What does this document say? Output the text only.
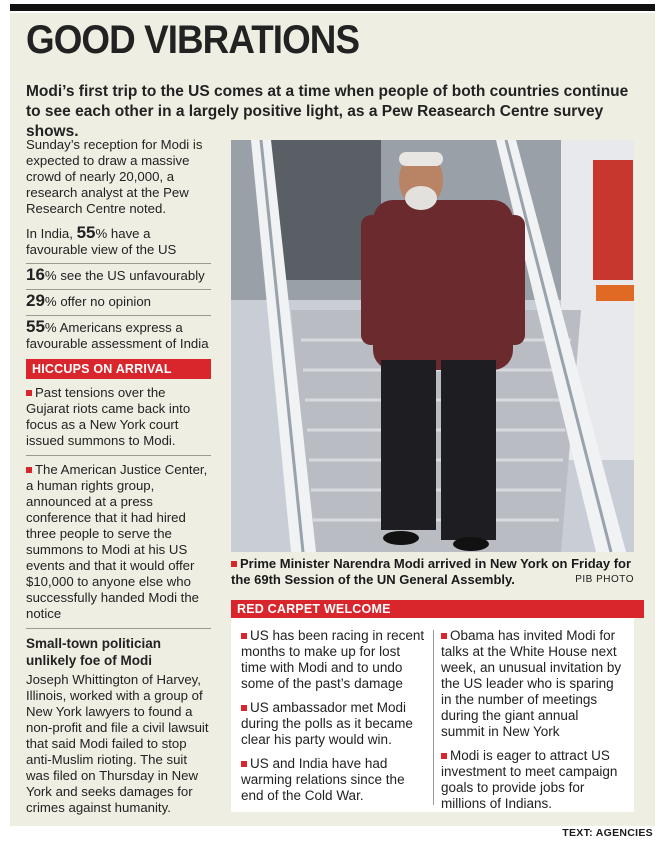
GOOD VIBRATIONS
Modi’s first trip to the US comes at a time when people of both countries continue to see each other in a largely positive light, as a Pew Reasearch Centre survey shows.
Sunday’s reception for Modi is expected to draw a massive crowd of nearly 20,000, a research analyst at the Pew Research Centre noted.
In India, 55% have a favourable view of the US
16% see the US unfavourably
29% offer no opinion
55% Americans express a favourable assessment of India
HICCUPS ON ARRIVAL
Past tensions over the Gujarat riots came back into focus as a New York court issued summons to Modi.
The American Justice Center, a human rights group, announced at a press conference that it had hired three people to serve the summons to Modi at his US events and that it would offer $10,000 to anyone else who successfully handed Modi the notice
Small-town politician unlikely foe of Modi
Joseph Whittington of Harvey, Illinois, worked with a group of New York lawyers to found a non-profit and file a civil lawsuit that said Modi failed to stop anti-Muslim rioting. The suit was filed on Thursday in New York and seeks damages for crimes against humanity.
Prime Minister Narendra Modi arrived in New York on Friday for the 69th Session of the UN General Assembly.	PIB PHOTO
RED CARPET WELCOME
US has been racing in recent months to make up for lost time with Modi and to undo some of the past’s damage
US ambassador met Modi during the polls as it became clear his party would win.
US and India have had warming relations since the end of the Cold War.
Obama has invited Modi for talks at the White House next week, an unusual invitation by the US leader who is sparing in the number of meetings during the giant annual summit in New York
Modi is eager to attract US investment to meet campaign goals to provide jobs for millions of Indians.
TEXT: AGENCIES
